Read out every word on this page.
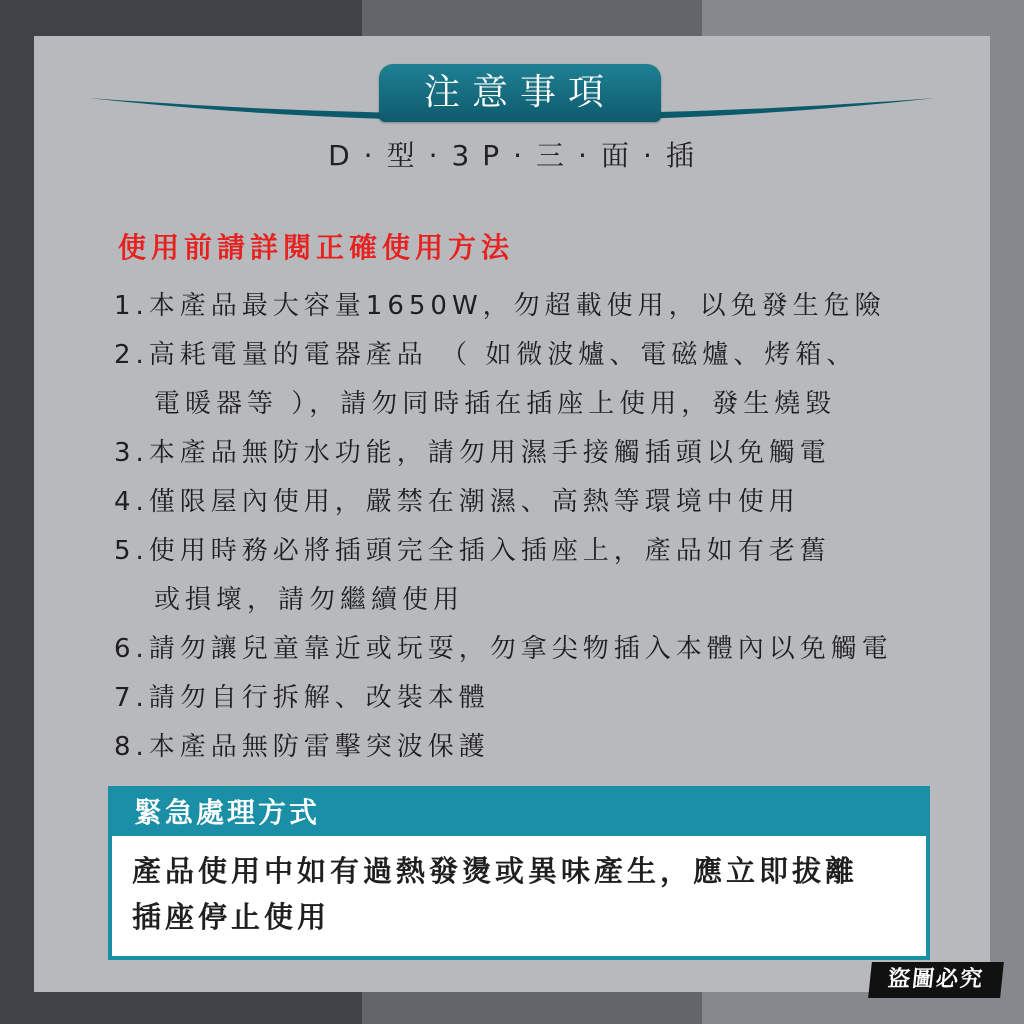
注意事項
D · 型 · 3 P · 三 · 面 · 插
使用前請詳閱正確使用方法
1.本產品最大容量1650W，勿超載使用，以免發生危險
2.高耗電量的電器產品 （ 如微波爐、電磁爐、烤箱、
電暖器等 ），請勿同時插在插座上使用，發生燒毀
3.本產品無防水功能，請勿用濕手接觸插頭以免觸電
4.僅限屋內使用，嚴禁在潮濕、高熱等環境中使用
5.使用時務必將插頭完全插入插座上，產品如有老舊
或損壞，請勿繼續使用
6.請勿讓兒童靠近或玩耍，勿拿尖物插入本體內以免觸電
7.請勿自行拆解、改裝本體
8.本產品無防雷擊突波保護
緊急處理方式
產品使用中如有過熱發燙或異味產生，應立即拔離
插座停止使用
盜圖必究
